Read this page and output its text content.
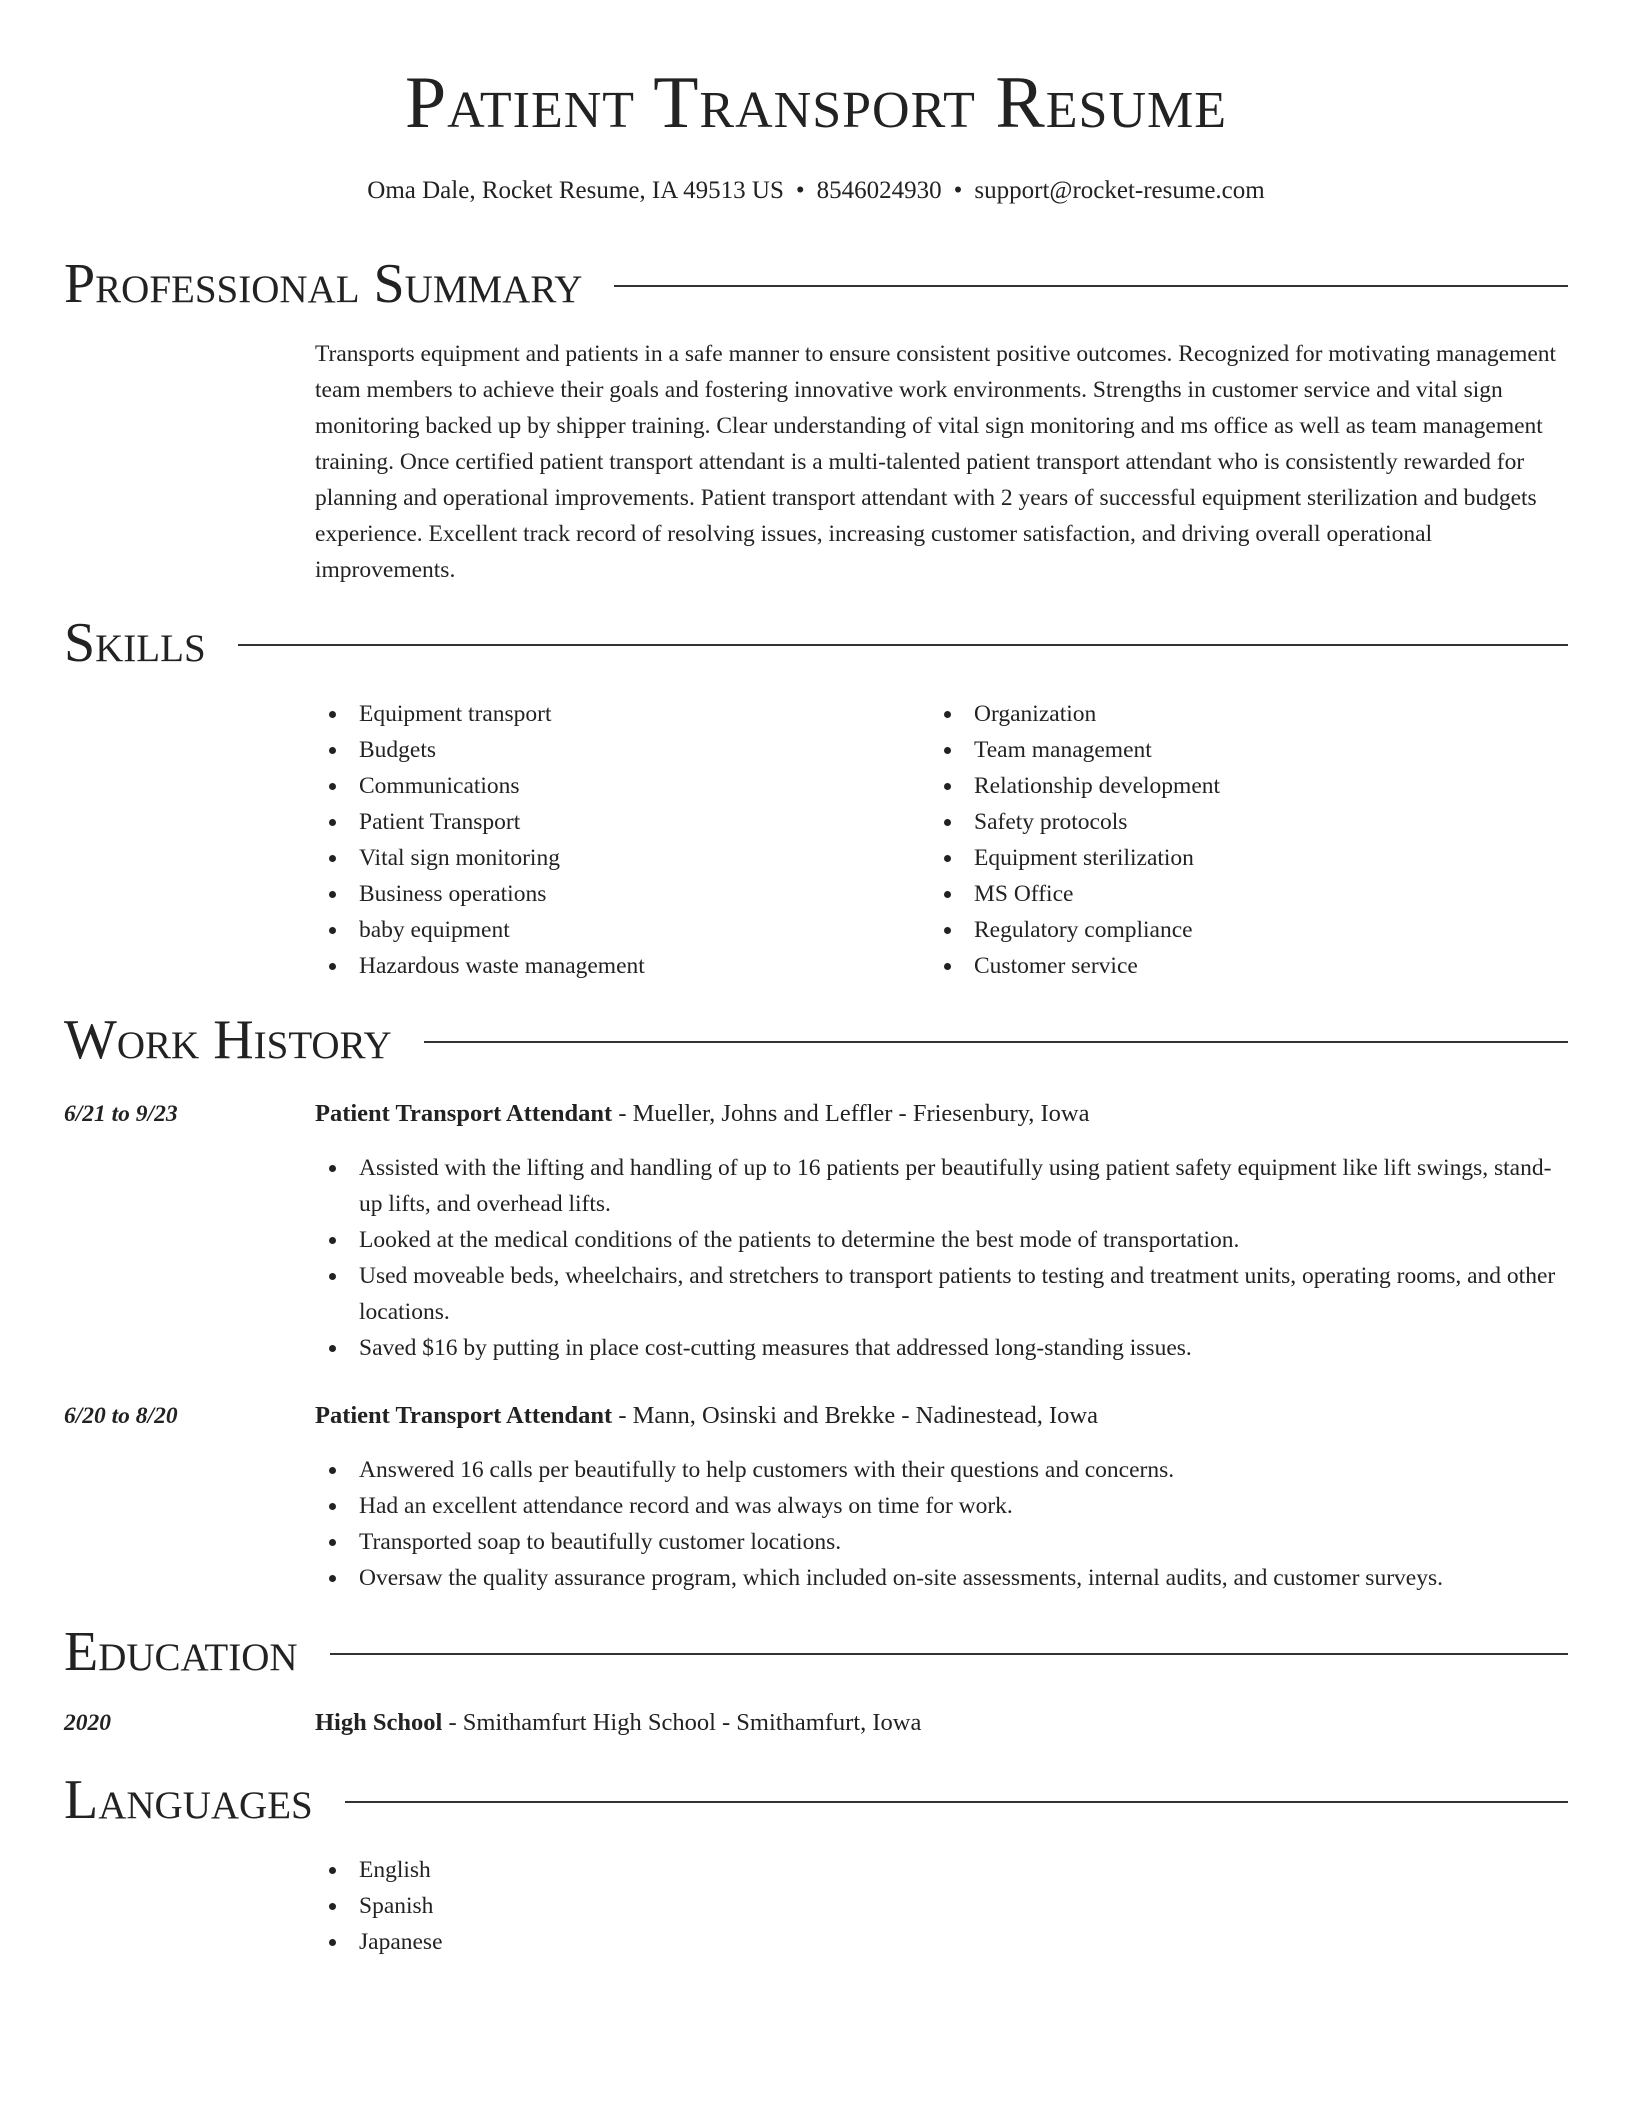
Patient Transport Resume
Oma Dale, Rocket Resume, IA 49513 US • 8546024930 • support@rocket-resume.com
Professional Summary
Transports equipment and patients in a safe manner to ensure consistent positive outcomes. Recognized for motivating management team members to achieve their goals and fostering innovative work environments. Strengths in customer service and vital sign monitoring backed up by shipper training. Clear understanding of vital sign monitoring and ms office as well as team management training. Once certified patient transport attendant is a multi-talented patient transport attendant who is consistently rewarded for planning and operational improvements. Patient transport attendant with 2 years of successful equipment sterilization and budgets experience. Excellent track record of resolving issues, increasing customer satisfaction, and driving overall operational improvements.
Skills
Equipment transport
Budgets
Communications
Patient Transport
Vital sign monitoring
Business operations
baby equipment
Hazardous waste management
Organization
Team management
Relationship development
Safety protocols
Equipment sterilization
MS Office
Regulatory compliance
Customer service
Work History
6/21 to 9/23	Patient Transport Attendant - Mueller, Johns and Leffler - Friesenbury, Iowa
Assisted with the lifting and handling of up to 16 patients per beautifully using patient safety equipment like lift swings, stand-up lifts, and overhead lifts.
Looked at the medical conditions of the patients to determine the best mode of transportation.
Used moveable beds, wheelchairs, and stretchers to transport patients to testing and treatment units, operating rooms, and other locations.
Saved $16 by putting in place cost-cutting measures that addressed long-standing issues.
6/20 to 8/20	Patient Transport Attendant - Mann, Osinski and Brekke - Nadinestead, Iowa
Answered 16 calls per beautifully to help customers with their questions and concerns.
Had an excellent attendance record and was always on time for work.
Transported soap to beautifully customer locations.
Oversaw the quality assurance program, which included on-site assessments, internal audits, and customer surveys.
Education
2020	High School - Smithamfurt High School - Smithamfurt, Iowa
Languages
English
Spanish
Japanese
